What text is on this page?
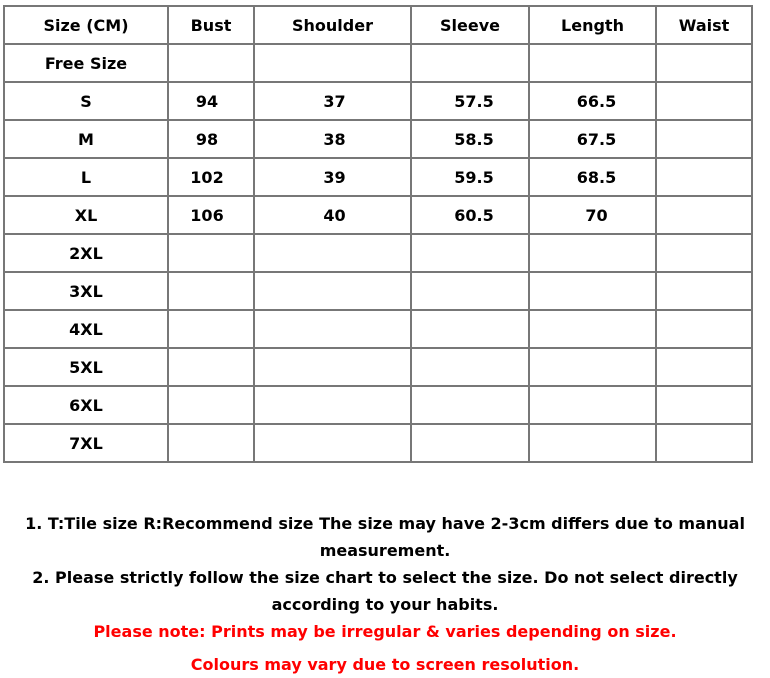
Size (CM)	Bust	Shoulder	Sleeve	Length	Waist
Free Size					
S	94	37	57.5	66.5	
M	98	38	58.5	67.5	
L	102	39	59.5	68.5	
XL	106	40	60.5	70	
2XL					
3XL					
4XL					
5XL					
6XL					
7XL					

1. T:Tile size R:Recommend size The size may have 2-3cm differs due to manual measurement.

2. Please strictly follow the size chart to select the size. Do not select directly according to your habits.

Please note: Prints may be irregular & varies depending on size.

Colours may vary due to screen resolution.
